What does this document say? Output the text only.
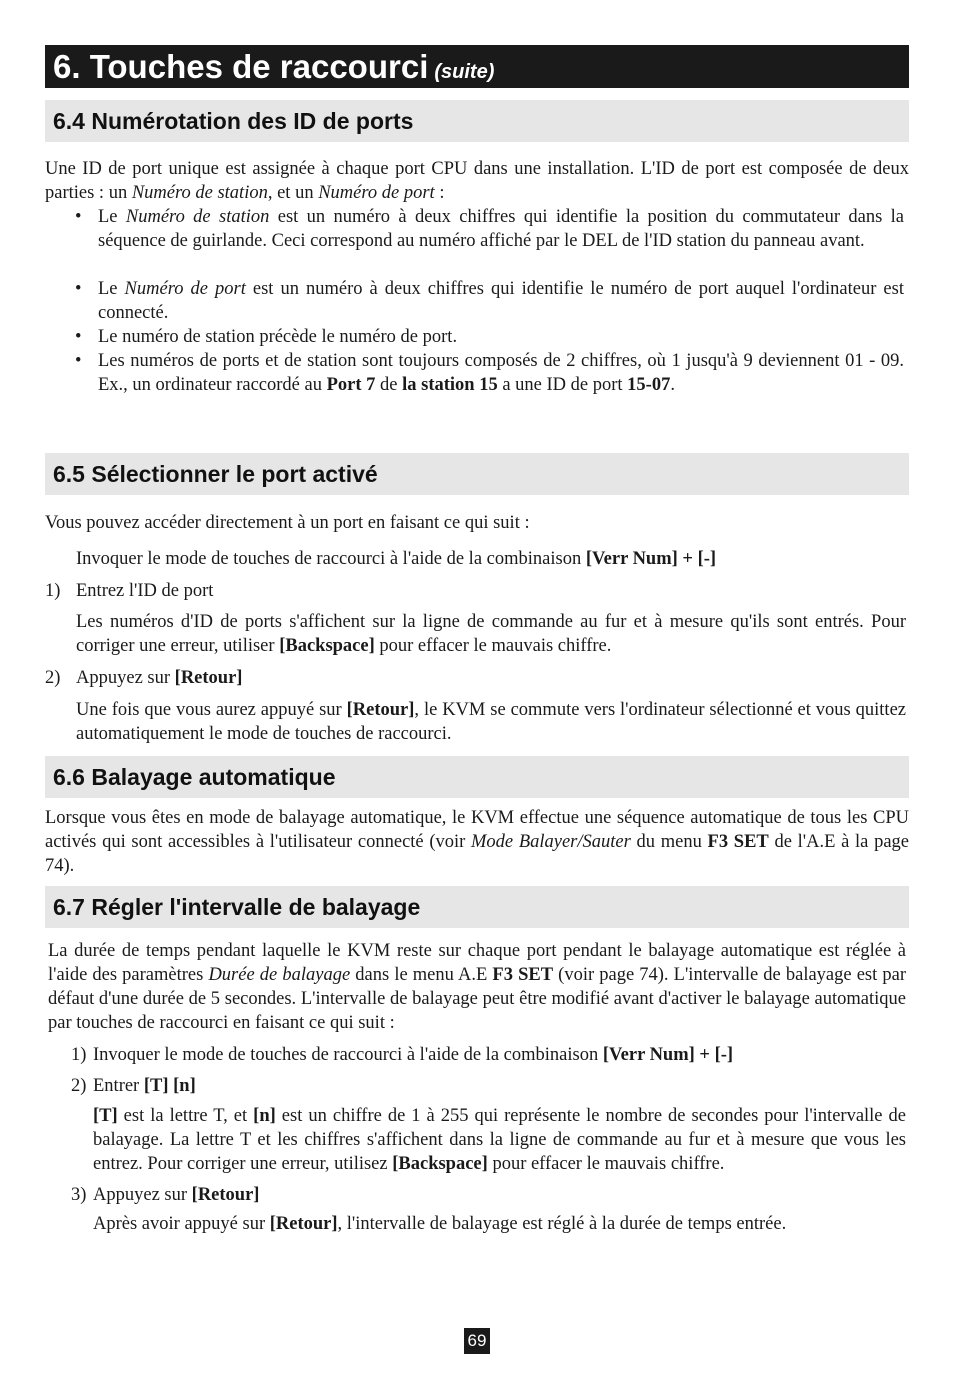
6. Touches de raccourci (suite)
6.4 Numérotation des ID de ports

Une ID de port unique est assignée à chaque port CPU dans une installation. L'ID de port est composée de deux parties : un Numéro de station, et un Numéro de port :

• Le Numéro de station est un numéro à deux chiffres qui identifie la position du commutateur dans la séquence de guirlande. Ceci correspond au numéro affiché par le DEL de l'ID station du panneau avant.

• Le Numéro de port est un numéro à deux chiffres qui identifie le numéro de port auquel l'ordinateur est connecté.

• Le numéro de station précède le numéro de port.

• Les numéros de ports et de station sont toujours composés de 2 chiffres, où 1 jusqu'à 9 deviennent 01 - 09. Ex., un ordinateur raccordé au Port 7 de la station 15 a une ID de port 15-07.

6.5 Sélectionner le port activé

Vous pouvez accéder directement à un port en faisant ce qui suit :

Invoquer le mode de touches de raccourci à l'aide de la combinaison [Verr Num] + [-]

1) Entrez l'ID de port

Les numéros d'ID de ports s'affichent sur la ligne de commande au fur et à mesure qu'ils sont entrés. Pour corriger une erreur, utiliser [Backspace] pour effacer le mauvais chiffre.

2) Appuyez sur [Retour]

Une fois que vous aurez appuyé sur [Retour], le KVM se commute vers l'ordinateur sélectionné et vous quittez automatiquement le mode de touches de raccourci.

6.6 Balayage automatique

Lorsque vous êtes en mode de balayage automatique, le KVM effectue une séquence automatique de tous les CPU activés qui sont accessibles à l'utilisateur connecté (voir Mode Balayer/Sauter du menu F3 SET de l'A.E à la page 74).

6.7 Régler l'intervalle de balayage

La durée de temps pendant laquelle le KVM reste sur chaque port pendant le balayage automatique est réglée à l'aide des paramètres Durée de balayage dans le menu A.E F3 SET (voir page 74). L'intervalle de balayage est par défaut d'une durée de 5 secondes. L'intervalle de balayage peut être modifié avant d'activer le balayage automatique par touches de raccourci en faisant ce qui suit :

1) Invoquer le mode de touches de raccourci à l'aide de la combinaison [Verr Num] + [-]

2) Entrer [T] [n]

[T] est la lettre T, et [n] est un chiffre de 1 à 255 qui représente le nombre de secondes pour l'intervalle de balayage. La lettre T et les chiffres s'affichent dans la ligne de commande au fur et à mesure que vous les entrez. Pour corriger une erreur, utilisez [Backspace] pour effacer le mauvais chiffre.

3) Appuyez sur [Retour]

Après avoir appuyé sur [Retour], l'intervalle de balayage est réglé à la durée de temps entrée.

69
